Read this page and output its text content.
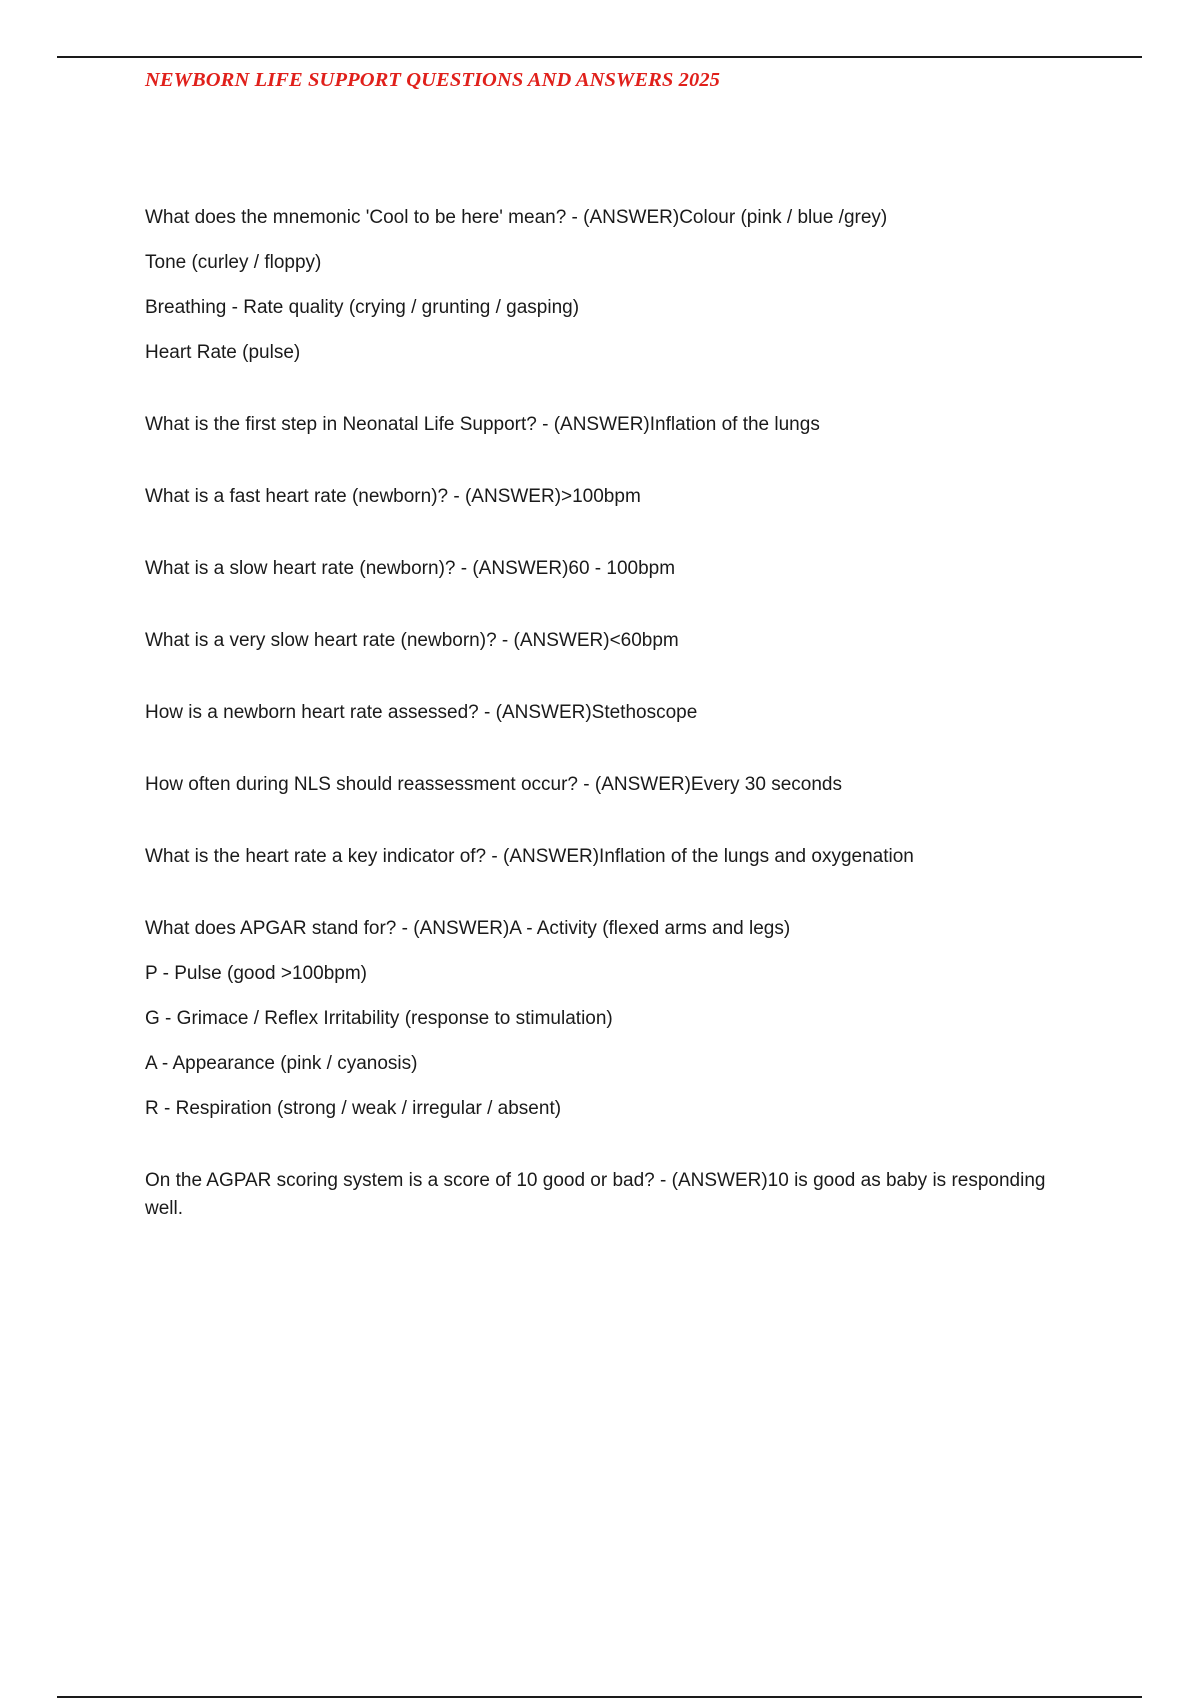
NEWBORN LIFE SUPPORT QUESTIONS AND ANSWERS 2025
What does the mnemonic 'Cool to be here' mean? - (ANSWER)Colour (pink / blue /grey)
Tone (curley / floppy)
Breathing - Rate quality (crying / grunting / gasping)
Heart Rate (pulse)
What is the first step in Neonatal Life Support? - (ANSWER)Inflation of the lungs
What is a fast heart rate (newborn)? - (ANSWER)>100bpm
What is a slow heart rate (newborn)? - (ANSWER)60 - 100bpm
What is a very slow heart rate (newborn)? - (ANSWER)<60bpm
How is a newborn heart rate assessed? - (ANSWER)Stethoscope
How often during NLS should reassessment occur? - (ANSWER)Every 30 seconds
What is the heart rate a key indicator of? - (ANSWER)Inflation of the lungs and oxygenation
What does APGAR stand for? - (ANSWER)A - Activity (flexed arms and legs)
P - Pulse (good >100bpm)
G - Grimace / Reflex Irritability (response to stimulation)
A - Appearance (pink / cyanosis)
R - Respiration (strong / weak / irregular / absent)
On the AGPAR scoring system is a score of 10 good or bad? - (ANSWER)10 is good as baby is responding well.
